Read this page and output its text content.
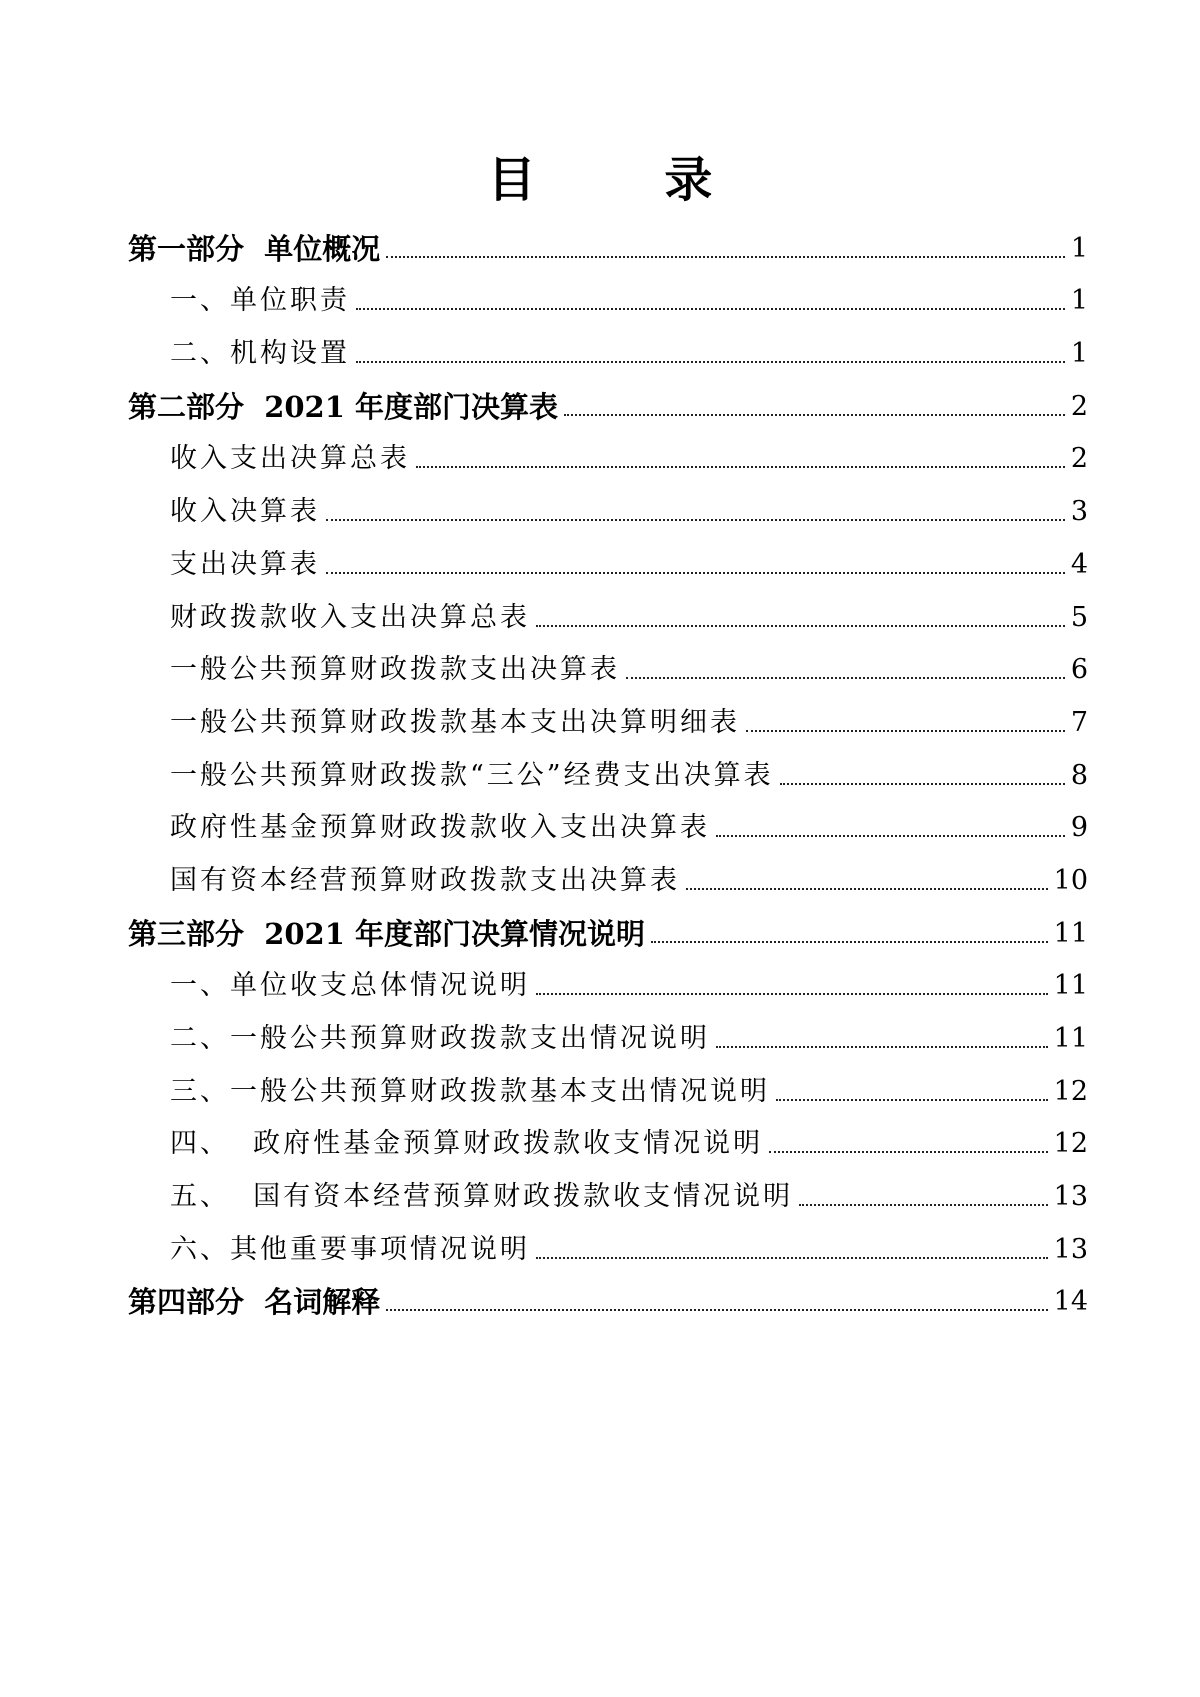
目 录
第一部分  单位概况	1
一、单位职责	1
二、机构设置	1
第二部分  2021 年度部门决算表	2
收入支出决算总表	2
收入决算表	3
支出决算表	4
财政拨款收入支出决算总表	5
一般公共预算财政拨款支出决算表	6
一般公共预算财政拨款基本支出决算明细表	7
一般公共预算财政拨款“三公”经费支出决算表	8
政府性基金预算财政拨款收入支出决算表	9
国有资本经营预算财政拨款支出决算表	10
第三部分  2021 年度部门决算情况说明	11
一、单位收支总体情况说明	11
二、一般公共预算财政拨款支出情况说明	11
三、一般公共预算财政拨款基本支出情况说明	12
四、  政府性基金预算财政拨款收支情况说明	12
五、  国有资本经营预算财政拨款收支情况说明	13
六、其他重要事项情况说明	13
第四部分  名词解释	14
